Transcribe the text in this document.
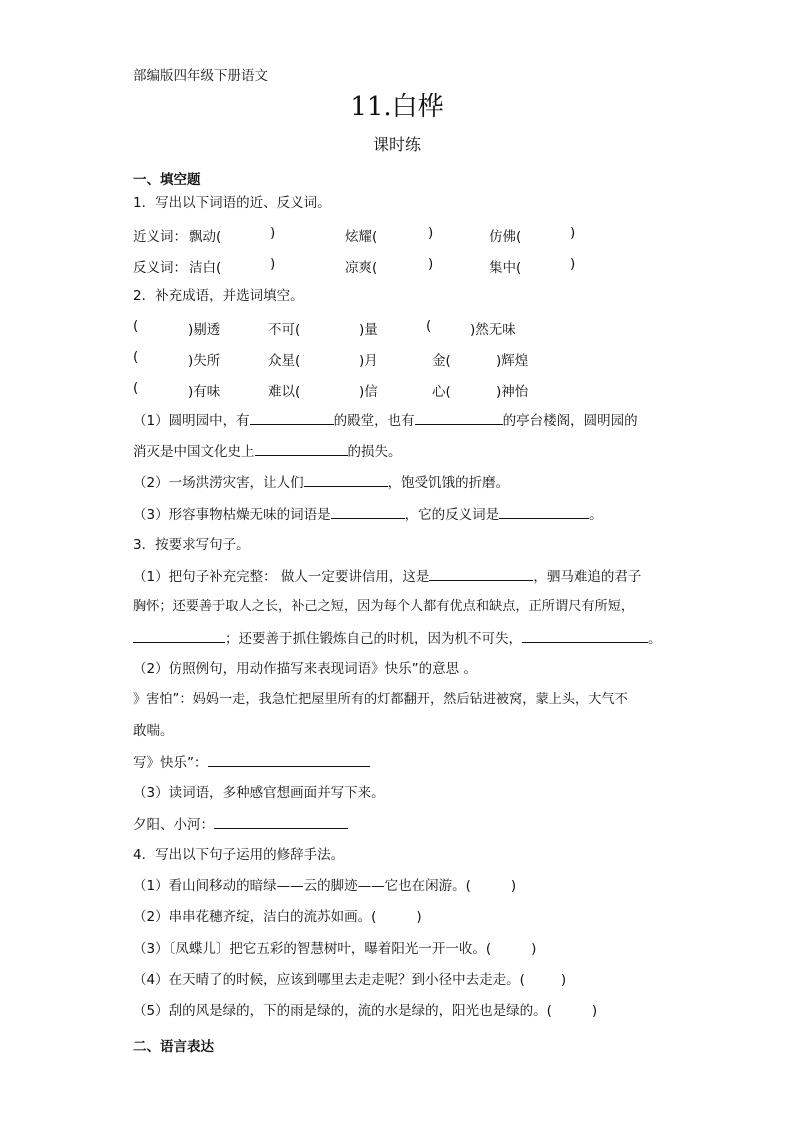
部编版四年级下册语文
11.白桦
课时练
一、填空题
1．写出以下词语的近、反义词。
近义词： 飘动(	)	炫耀(	)	仿佛(	)
反义词： 洁白(	)	凉爽(	)	集中(	)
2．补充成语，并选词填空。
(	)剔透	不可(	)量	(	)然无味
(	)失所	众星(	)月	金(	)辉煌
(	)有味	难以(	)信	心(	)神怡
（1）圆明园中，有	的殿堂，也有	的亭台楼阁，圆明园的
消灭是中国文化史上	的损失。
（2）一场洪涝灾害，让人们	，饱受饥饿的折磨。
（3）形容事物枯燥无味的词语是	，它的反义词是	。
3．按要求写句子。
（1）把句子补充完整： 做人一定要讲信用，这是	，驷马难追的君子
胸怀；还要善于取人之长，补己之短，因为每个人都有优点和缺点，正所谓尺有所短，
；还要善于抓住锻炼自己的时机，因为机不可失，	。
（2）仿照例句，用动作描写来表现词语》快乐”的意思 。
》害怕”：妈妈一走，我急忙把屋里所有的灯都翻开，然后钻进被窝，蒙上头，大气不
敢喘。
写》快乐”：
（3）读词语，多种感官想画面并写下来。
夕阳、小河：
4．写出以下句子运用的修辞手法。
（1）看山间移动的暗绿——云的脚迹——它也在闲游。(	)
（2）串串花穗齐绽，洁白的流苏如画。(	)
（3）〔凤蝶儿〕把它五彩的智慧树叶，曝着阳光一开一收。(	)
（4）在天晴了的时候，应该到哪里去走走呢？到小径中去走走。(	)
（5）刮的风是绿的，下的雨是绿的，流的水是绿的，阳光也是绿的。(	)
二、语言表达
